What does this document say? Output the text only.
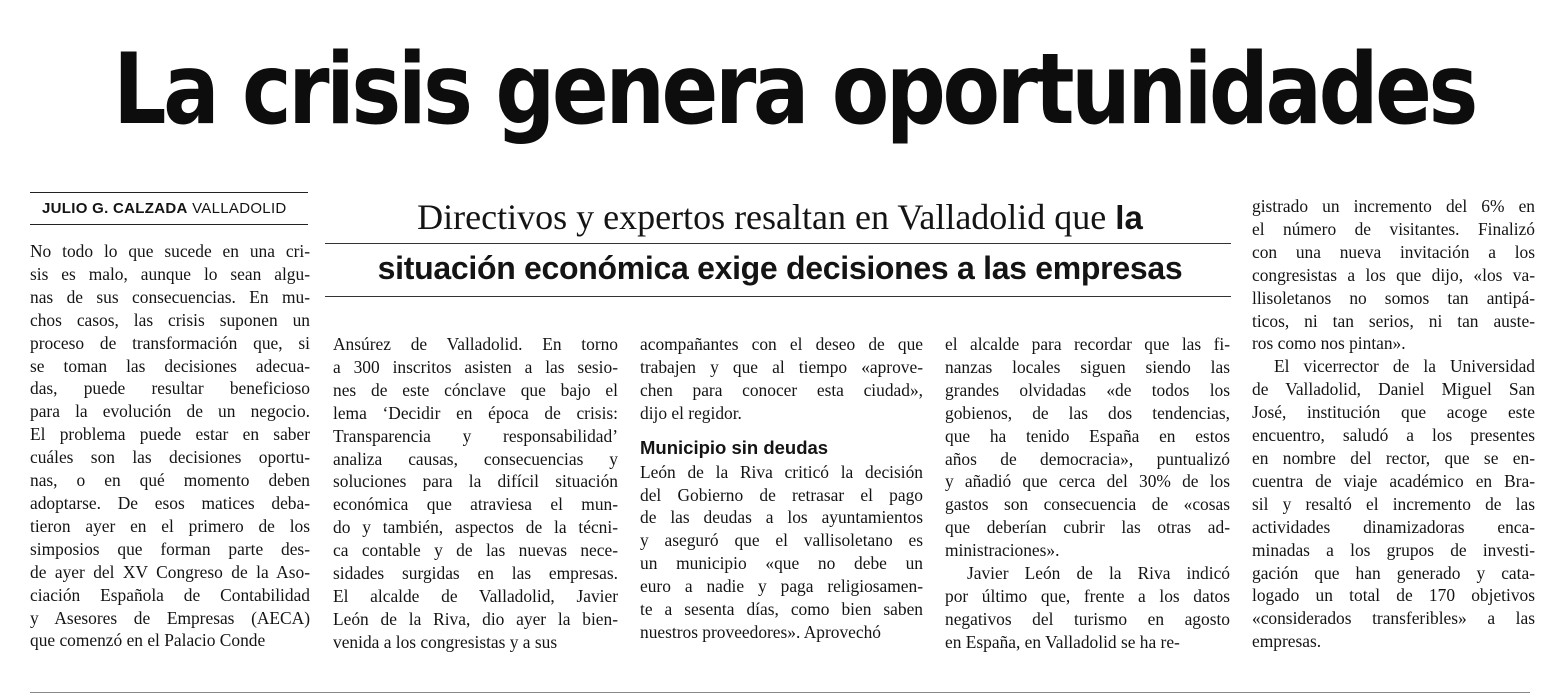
La crisis genera oportunidades
JULIO G. CALZADA VALLADOLID	Directivos y expertos resaltan en Valladolid que la
situación económica exige decisiones a las empresas
No todo lo que sucede en una cri-
sis es malo, aunque lo sean algu-
nas de sus consecuencias. En mu-
chos casos, las crisis suponen un
proceso de transformación que, si
se toman las decisiones adecua-
das, puede resultar beneficioso
para la evolución de un negocio.
El problema puede estar en saber
cuáles son las decisiones oportu-
nas, o en qué momento deben
adoptarse. De esos matices deba-
tieron ayer en el primero de los
simposios que forman parte des-
de ayer del XV Congreso de la Aso-
ciación Española de Contabilidad
y Asesores de Empresas (AECA)
que comenzó en el Palacio Conde
Ansúrez de Valladolid. En torno
a 300 inscritos asisten a las sesio-
nes de este cónclave que bajo el
lema ‘Decidir en época de crisis:
Transparencia y responsabilidad’
analiza causas, consecuencias y
soluciones para la difícil situación
económica que atraviesa el mun-
do y también, aspectos de la técni-
ca contable y de las nuevas nece-
sidades surgidas en las empresas.
El alcalde de Valladolid, Javier
León de la Riva, dio ayer la bien-
venida a los congresistas y a sus
acompañantes con el deseo de que
trabajen y que al tiempo «aprove-
chen para conocer esta ciudad»,
dijo el regidor.
Municipio sin deudas
León de la Riva criticó la decisión
del Gobierno de retrasar el pago
de las deudas a los ayuntamientos
y aseguró que el vallisoletano es
un municipio «que no debe un
euro a nadie y paga religiosamen-
te a sesenta días, como bien saben
nuestros proveedores». Aprovechó
el alcalde para recordar que las fi-
nanzas locales siguen siendo las
grandes olvidadas «de todos los
gobienos, de las dos tendencias,
que ha tenido España en estos
años de democracia», puntualizó
y añadió que cerca del 30% de los
gastos son consecuencia de «cosas
que deberían cubrir las otras ad-
ministraciones».
Javier León de la Riva indicó
por último que, frente a los datos
negativos del turismo en agosto
en España, en Valladolid se ha re-
gistrado un incremento del 6% en
el número de visitantes. Finalizó
con una nueva invitación a los
congresistas a los que dijo, «los va-
llisoletanos no somos tan antipá-
ticos, ni tan serios, ni tan auste-
ros como nos pintan».
El vicerrector de la Universidad
de Valladolid, Daniel Miguel San
José, institución que acoge este
encuentro, saludó a los presentes
en nombre del rector, que se en-
cuentra de viaje académico en Bra-
sil y resaltó el incremento de las
actividades dinamizadoras enca-
minadas a los grupos de investi-
gación que han generado y cata-
logado un total de 170 objetivos
«considerados transferibles» a las
empresas.
